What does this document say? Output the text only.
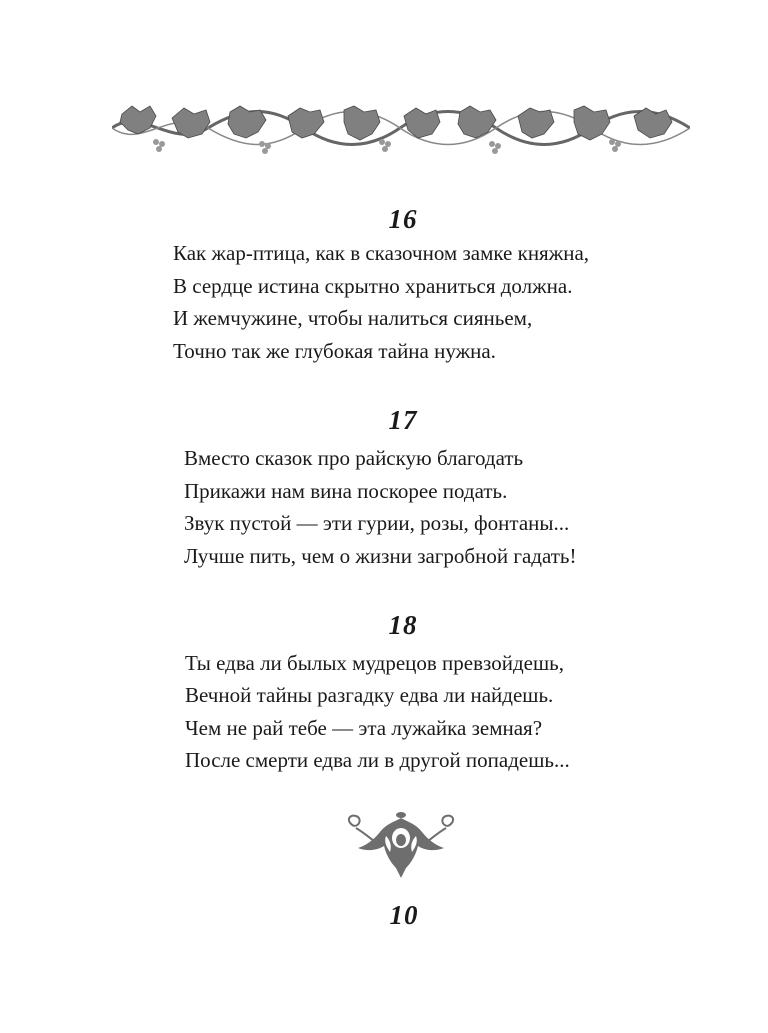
16
Как жар-птица, как в сказочном замке княжна,
В сердце истина скрытно храниться должна.
И жемчужине, чтобы налиться сияньем,
Точно так же глубокая тайна нужна.
17
Вместо сказок про райскую благодать
Прикажи нам вина поскорее подать.
Звук пустой — эти гурии, розы, фонтаны...
Лучше пить, чем о жизни загробной гадать!
18
Ты едва ли былых мудрецов превзойдешь,
Вечной тайны разгадку едва ли найдешь.
Чем не рай тебе — эта лужайка земная?
После смерти едва ли в другой попадешь...
10
